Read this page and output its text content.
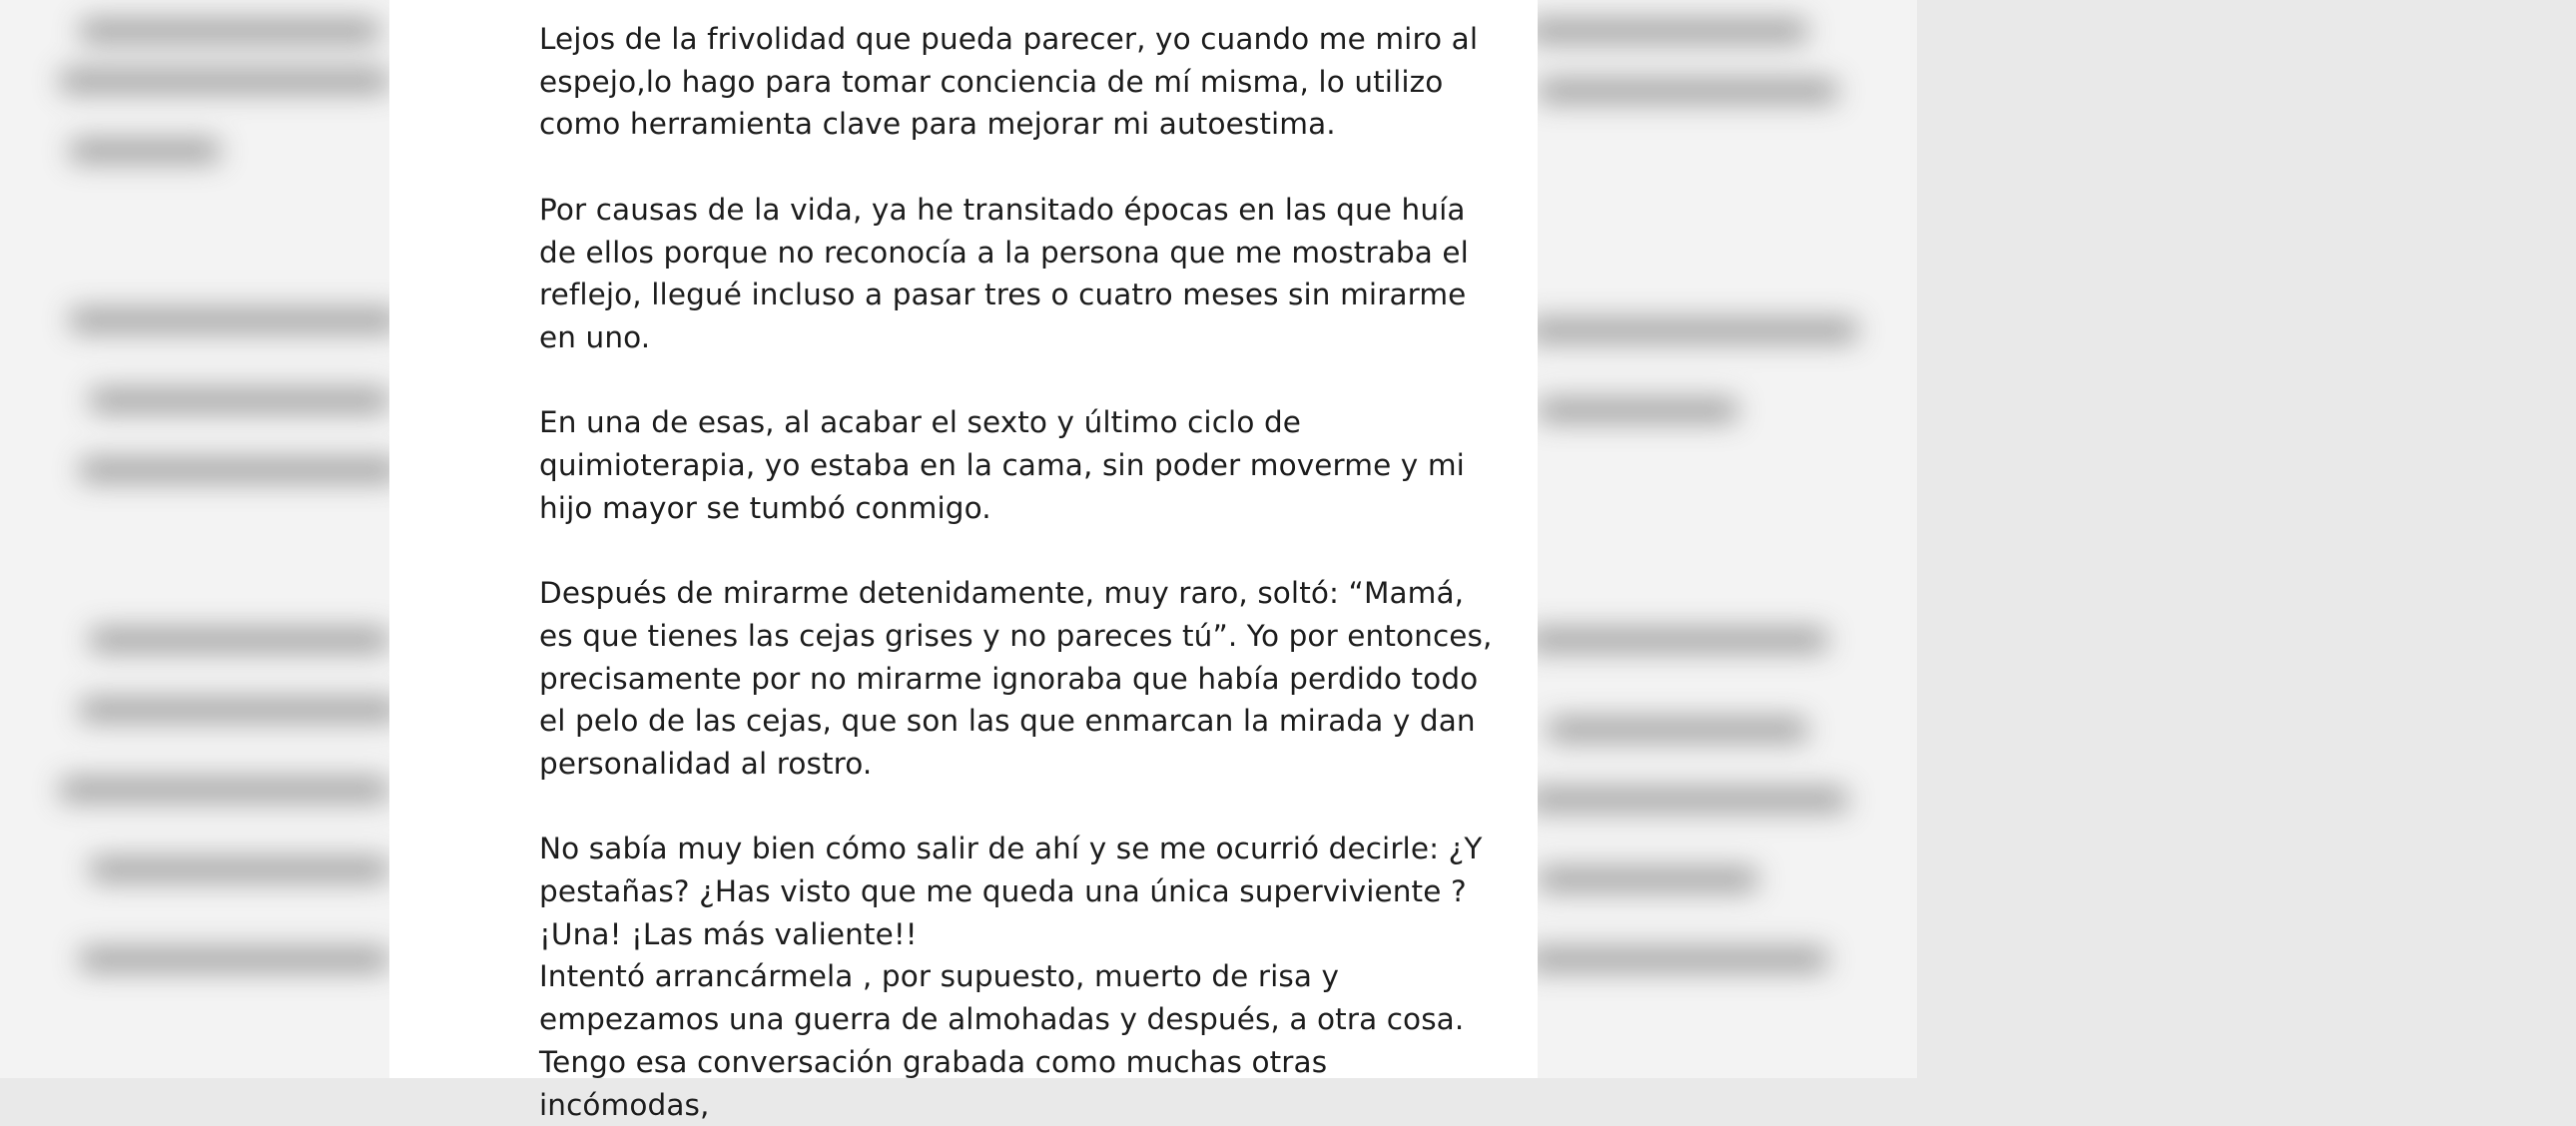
Lejos de la frivolidad que pueda parecer, yo cuando me miro al espejo,lo hago para tomar conciencia de mí misma, lo utilizo como herramienta clave para mejorar mi autoestima.

Por causas de la vida, ya he transitado épocas en las que huía de ellos porque no reconocía a la persona que me mostraba el reflejo, llegué incluso a pasar tres o cuatro meses sin mirarme en uno.

En una de esas, al acabar el sexto y último ciclo de quimioterapia, yo estaba en la cama, sin poder moverme y mi hijo mayor se tumbó conmigo.

Después de mirarme detenidamente, muy raro, soltó: “Mamá, es que tienes las cejas grises y no pareces tú”. Yo por entonces, precisamente por no mirarme ignoraba que había perdido todo el pelo de las cejas, que son las que enmarcan la mirada y dan personalidad al rostro.

No sabía muy bien cómo salir de ahí y se me ocurrió decirle: ¿Y pestañas? ¿Has visto que me queda una única superviviente ? ¡Una! ¡Las más valiente!!

Intentó arrancármela , por supuesto, muerto de risa y empezamos una guerra de almohadas y después, a otra cosa.

Tengo esa conversación grabada como muchas otras incómodas,
